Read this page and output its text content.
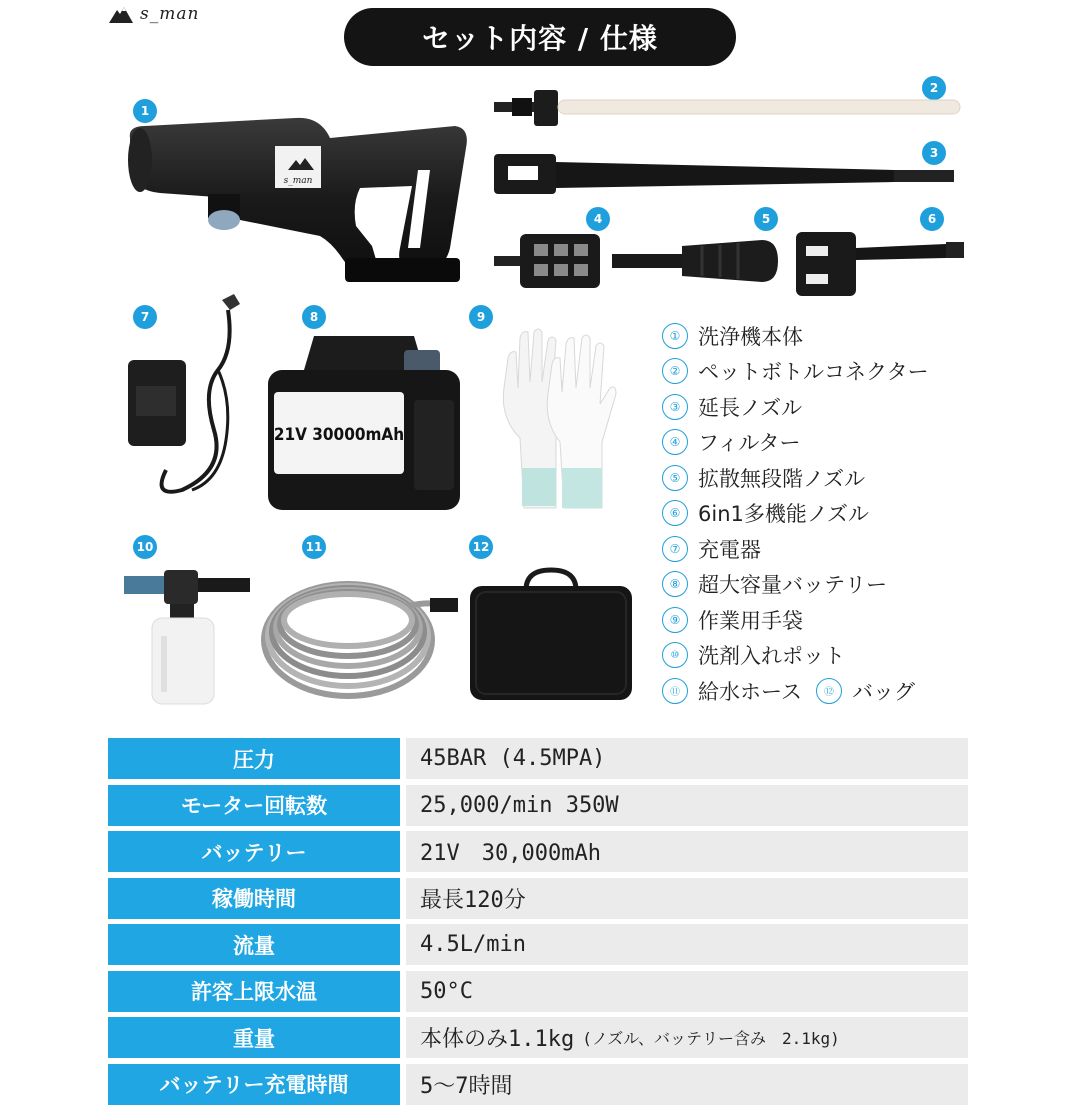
s_man
セット内容 / 仕様
1
2
3
4	5	6
7	8	9
10	11	12
s_man
21V 30000mAh
① 洗浄機本体
② ペットボトルコネクター
③ 延長ノズル
④ フィルター
⑤ 拡散無段階ノズル
⑥ 6in1多機能ノズル
⑦ 充電器
⑧ 超大容量バッテリー
⑨ 作業用手袋
⑩ 洗剤入れポット
⑪ 給水ホース	⑫ バッグ
圧力	45BAR (4.5MPA)
モーター回転数	25,000/min 350W
バッテリー	21V　30,000mAh
稼働時間	最長120分
流量	4.5L/min
許容上限水温	50°C
重量	本体のみ1.1kg (ノズル、バッテリー含み　2.1kg)
バッテリー充電時間	5〜7時間
